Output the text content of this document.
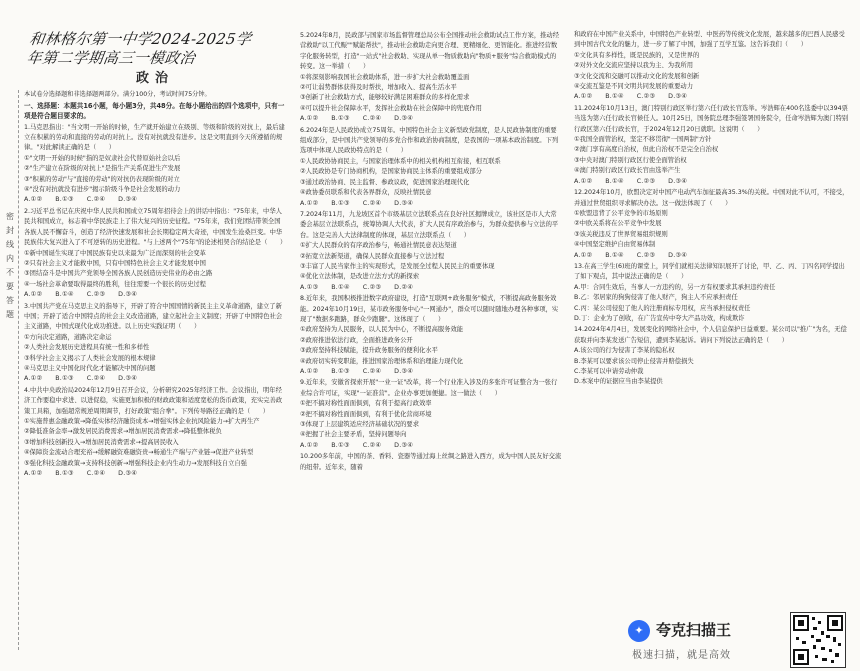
密
封
线
内
不
要
答
题
和林格尔第一中学2024-2025学
年第二学期高三一模政治
政治

本试卷分选择题和非选择题两部分。满分100分，考试时间75分钟。

一、选择题：本题共16小题，每小题3分，共48分。在每小题给出的四个选项中，只有一项是符合题目要求的。

1.马克思指出："当文明一开始的时候，生产就开始建立在级别、等级和阶级的对抗上，最后建立在积累的劳动和直接的劳动的对抗上。没有对抗就没有进步。这是文明直到今天所遵循的规律。"对此解读正确的是（　　）

①"文明一开始的时候"指的是奴隶社会代替原始社会以后

②"生产建立在阶级的对抗上"是指生产关系促进生产发展

③"积累的劳动"与"直接的劳动"的对抗仍表现阶级的对立

④"没有对抗就没有进步"揭示阶级斗争是社会发展的动力

A.①②　　B.①③　　C.②④　　D.③④

2.习近平总书记在庆祝中华人民共和国成立75周年招待会上的讲话中指出："75年来，中华人民共和国成立，标志着中华民族走上了伟大复兴的历史征程。"75年来，我们党团结带领全国各族人民不懈奋斗，创造了经济快速发展和社会长期稳定两大奇迹，中国发生沧桑巨变。中华民族伟大复兴进入了不可逆转的历史进程。"与上述两个"75年"的论述相契合的结论是（　　）

①新中国诞生实现了中国民族有史以来最为广泛而深刻的社会变革

②只有社会主义才能救中国，只有中国特色社会主义才能发展中国

③团结奋斗是中国共产党领导全国各族人民创造历史伟业的必由之路

④一场社会革命要取得最终的胜利，往往需要一个很长的历史过程

A.①②　　B.①④　　C.②③　　D.③④

3.中国共产党在马克思主义的指导下，开辟了符合中国国情的新民主主义革命道路，建立了新中国；开辟了适合中国特点的社会主义改造道路，建立起社会主义制度；开辟了中国特色社会主义道路，中国式现代化成功推进。以上历史实践证明（　　）

①方向决定道路，道路决定命运

②人类社会发展历史进程具有统一性和多样性

③科学社会主义揭示了人类社会发展的根本规律

④马克思主义中国化时代化才能解决中国的问题

A.①②　　B.①③　　C.②④　　D.③④

4.中共中央政治局2024年12月9日召开会议，分析研究2025年经济工作。会议指出，明年经济工作要稳中求进、以进促稳，实施更加积极的财政政策和适度宽松的货币政策，充实完善政策工具箱，加强超常规逆周期调节，打好政策"组合拳"。下列传导路径正确的是（　　）

①实施普惠金融政策→降低实体经济融资成本→增强实体企业抗风险能力→扩大再生产

②降低准备金率→激发居民消费需求→增加居民消费需求→降低整体税负

③增加科技创新投入→增加居民消费需求→提高居民收入

④保障资金流动合理充裕→缓解融资难融资贵→畅通生产端与产业链→促进产业转型

⑤强化科技金融政策→支持科技创新→增强科技企业内生动力→发展科技自立自强

A.①②　　B.①③　　C.②④　　D.③④

5.2024年8月，民政部与国家市场监督管理总局公布全国推动社会救助试点工作方案，推动经营救助"以工代赈""赋能帮扶"，推动社会救助走向更合理、更精细化、更智能化。推进经营数字化服务转型，打造"一站式"社会救助、实现从单一物质救助向"物质+服务"综合救助模式的转变。这一举措（　　）

①将深刻影响我国社会救助体系，进一步扩大社会救助覆盖面

②可让弱势群体获得及时帮扶，增加收入、提高生活水平

③创新了社会救助方式，能够较好满足困难群众的多样化需求

④可以提升社会保障水平，发挥社会救助在社会保障中的兜底作用

A.①②　　B.①③　　C.②④　　D.③④

6.2024年是人民政协成立75周年。中国特色社会主义新型政党制度，是人民政协制度的重要组成部分，是中国共产党领导的多党合作和政治协商制度，是我国的一项基本政治制度。下列选项中体现人民政协特点的是（　　）

①人民政协协商民主，与国家治理体系中的相关机构相互衔接，相互联系

②人民政协是专门协商机构，是国家协商民主体系的重要组成部分

③通过政治协商、民主监督、参政议政，促进国家治理现代化

④政协委员联系和代表各界群众，反映社情民意

A.①②　　B.①③　　C.②④　　D.③④

7.2024年11月，九龙坡区首个市级基层立法联系点在良好社区揭牌成立，该社区是市人大常委会基层立法联系点，统筹协调人大代表，扩大人民有序政治参与，为群众提供参与立法的平台。这是完善人大法律制度的体现，基层立法联系点（　　）

①扩大人民群众的有序政治参与，畅通社情民意表达渠道

②拓宽立法新渠道，确保人民群众直接参与立法过程

③丰富了人民当家作主的实现形式，是发展全过程人民民主的重要体现

④优化立法体制，是改进立法方式的新探索

A.①③　　B.①④　　C.②③　　D.②④

8.近年来，我国积极推进数字政府建设，打造"互联网+政务服务"模式，不断提高政务服务效能。2024年10月19日，某市政务服务中心"一网通办"，群众可以随时随地办理各种事项，实现了"数据多跑路，群众少跑腿"。这体现了（　　）

①政府坚持为人民服务，以人民为中心，不断提高服务效能

②政府推进依法行政，全面推进政务公开

③政府坚持科技赋能，提升政务服务的便利化水平

④政府切实转变职能，推进国家治理体系和治理能力现代化

A.①②　　B.①③　　C.②④　　D.③④

9.近年来，安徽省探索开展"一业一证"改革，将一个行业准入涉及的多张许可证整合为一张行业综合许可证，实现"一证准营"。企业办事更加便捷。这一做法（　　）

①把不搞对称性面面俱到，有利于提高行政效率

②把不搞对称性面面俱到，有利于优化营商环境

③体现了上层建筑适应经济基础状况的要求

④把握了社会主要矛盾，坚持问题导向

A.①②　　B.①③　　C.②④　　D.③④

10.200多年前，中国的茶、香料、瓷器等通过海上丝绸之路进入西方，成为中国人民友好交流的纽带。近年来，随着

和政府在中国产业关系中，中国特色产业转型、中医药等传统文化发展，越来越多的巴西人民感受到中国古代文化的魅力，进一步了解了中国，加强了互学互鉴。这告诉我们（　　）

①文化具有多样性，既是民族的，又是世界的

②对外文化交流应坚持以我为主、为我所用

③文化交流和交融可以推动文化的发展和创新

④交流互鉴是不同文明共同发展的重要动力

A.①②　　B.①④　　C.②③　　D.③④

11.2024年10月13日，澳门特别行政区举行第六任行政长官选举。岑浩辉在400名选委中以394票当选为第六任行政长官候任人。10月25日，国务院总理李强签署国务院令，任命岑浩辉为澳门特别行政区第六任行政长官，于2024年12月20日就职。这说明（　　）

①我国全面管治权，坚定不移贯彻"一国两制"方针

②澳门享有高度自治权，但此自治权不是完全自治权

③中央对澳门特别行政区行使全面管治权

④澳门特别行政区行政长官由选举产生

A.①②　　B.①④　　C.②③　　D.③④

12.2024年10月，欧盟决定对中国产电动汽车加征最高35.3%的关税。中国对此不认可，不接受，并通过世贸组织寻求解决办法。这一做法体现了（　　）

①欧盟违背了公平竞争的市场原则

②中欧关系将在公平竞争中发展

③该关税违反了世界贸易组织规则

④中国坚定维护自由贸易体制

A.①②　　B.①④　　C.②③　　D.③④

13.在高三学生(6)班的课堂上，同学们就相关法律知识展开了讨论，甲、乙、丙、丁四名同学提出了如下观点，其中说法正确的是（　　）

A.甲：合同生效后，当事人一方违约的，另一方有权要求其承担违约责任

B.乙：邻居家的狗狗侵害了他人财产，狗主人不应承担责任

C.丙：某公司侵犯了他人的注册商标专用权，应当承担侵权责任

D.丁：企业为了创收，在广告宣传中夸大产品功效，构成欺诈

14.2024年4月4日，发展变化的网络社会中，个人信息保护日益重要。某公司以"推广"为名，无偿获取并向李某发送广告短信，遭到李某起诉。请问下列说法正确的是（　　）

A.该公司的行为侵害了李某的隐私权

B.李某可以要求该公司停止侵害并赔偿损失

C.李某可以申请劳动仲裁

D.本案中的证据应当由李某提供

✦ 夸克扫描王
极速扫描，就是高效
